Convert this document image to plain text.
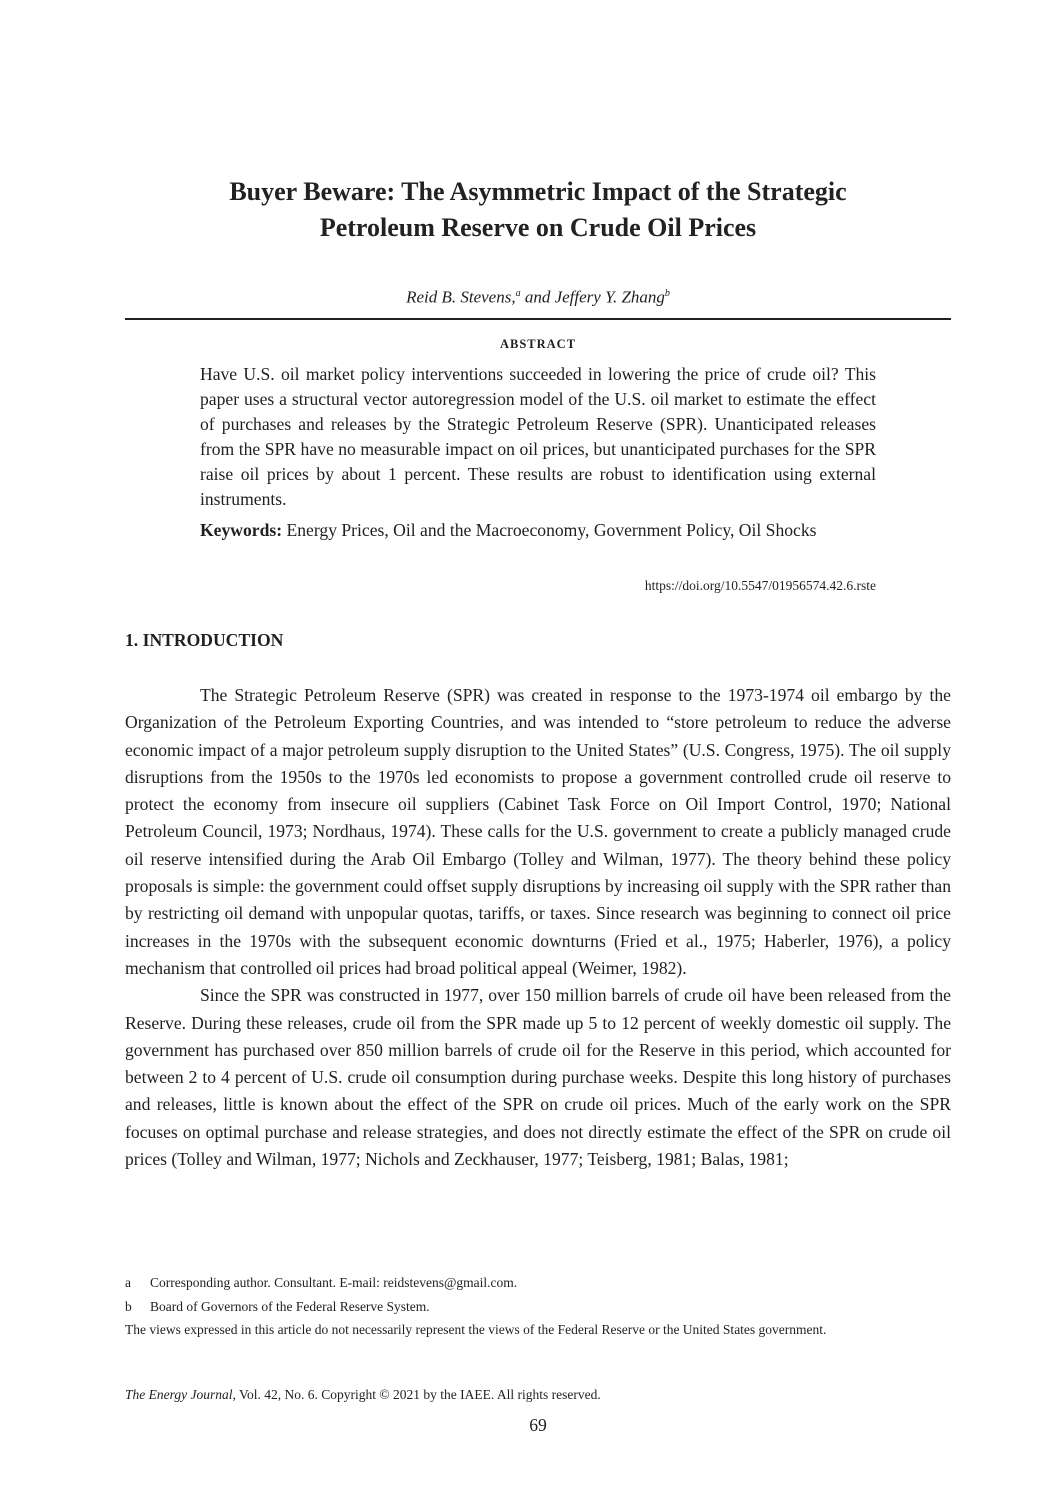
Buyer Beware: The Asymmetric Impact of the Strategic
Petroleum Reserve on Crude Oil Prices
Reid B. Stevens,$^a$ and Jeffery Y. Zhang$^b$
ABSTRACT

Have U.S. oil market policy interventions succeeded in lowering the price of crude oil? This paper uses a structural vector autoregression model of the U.S. oil market to estimate the effect of purchases and releases by the Strategic Petroleum Reserve (SPR). Unanticipated releases from the SPR have no measurable impact on oil prices, but unanticipated purchases for the SPR raise oil prices by about 1 percent. These results are robust to identification using external instruments.

Keywords: Energy Prices, Oil and the Macroeconomy, Government Policy, Oil Shocks

https://doi.org/10.5547/01956574.42.6.rste
1. INTRODUCTION

The Strategic Petroleum Reserve (SPR) was created in response to the 1973-1974 oil embargo by the Organization of the Petroleum Exporting Countries, and was intended to “store petroleum to reduce the adverse economic impact of a major petroleum supply disruption to the United States” (U.S. Congress, 1975). The oil supply disruptions from the 1950s to the 1970s led economists to propose a government controlled crude oil reserve to protect the economy from insecure oil suppliers (Cabinet Task Force on Oil Import Control, 1970; National Petroleum Council, 1973; Nordhaus, 1974). These calls for the U.S. government to create a publicly managed crude oil reserve intensified during the Arab Oil Embargo (Tolley and Wilman, 1977). The theory behind these policy proposals is simple: the government could offset supply disruptions by increasing oil supply with the SPR rather than by restricting oil demand with unpopular quotas, tariffs, or taxes. Since research was beginning to connect oil price increases in the 1970s with the subsequent economic downturns (Fried et al., 1975; Haberler, 1976), a policy mechanism that controlled oil prices had broad political appeal (Weimer, 1982).

Since the SPR was constructed in 1977, over 150 million barrels of crude oil have been released from the Reserve. During these releases, crude oil from the SPR made up 5 to 12 percent of weekly domestic oil supply. The government has purchased over 850 million barrels of crude oil for the Reserve in this period, which accounted for between 2 to 4 percent of U.S. crude oil consumption during purchase weeks. Despite this long history of purchases and releases, little is known about the effect of the SPR on crude oil prices. Much of the early work on the SPR focuses on optimal purchase and release strategies, and does not directly estimate the effect of the SPR on crude oil prices (Tolley and Wilman, 1977; Nichols and Zeckhauser, 1977; Teisberg, 1981; Balas, 1981;

a Corresponding author. Consultant. E-mail: reidstevens@gmail.com.
b Board of Governors of the Federal Reserve System.
The views expressed in this article do not necessarily represent the views of the Federal Reserve or the United States government.
The Energy Journal, Vol. 42, No. 6. Copyright © 2021 by the IAEE. All rights reserved.
69
